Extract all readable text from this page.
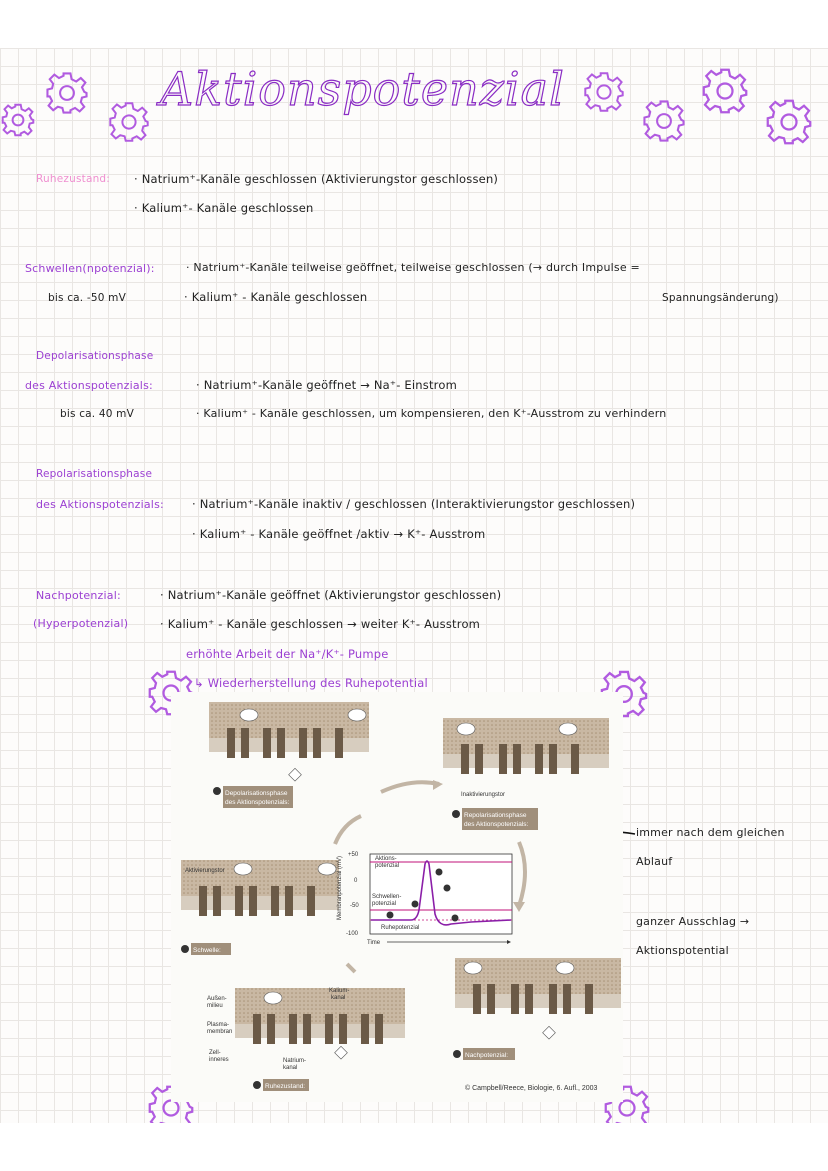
Aktionspotenzial
Ruhezustand: · Natrium⁺-Kanäle geschlossen (Aktivierungstor geschlossen)
· Kalium⁺- Kanäle geschlossen
Schwellen(npotenzial):
bis ca. -50 mV
· Natrium⁺-Kanäle teilweise geöffnet, teilweise geschlossen (→ durch Impulse =
· Kalium⁺ - Kanäle geschlossen	Spannungsänderung)
Depolarisationsphase
des Aktionspotenzials:
bis ca. 40 mV
· Natrium⁺-Kanäle geöffnet → Na⁺- Einstrom
· Kalium⁺ - Kanäle geschlossen, um kompensieren, den K⁺-Ausstrom zu verhindern
Repolarisationsphase
des Aktionspotenzials: · Natrium⁺-Kanäle inaktiv / geschlossen (Interaktivierungstor geschlossen)
· Kalium⁺ - Kanäle geöffnet /aktiv → K⁺- Ausstrom
Nachpotenzial:
(Hyperpotenzial)
· Natrium⁺-Kanäle geöffnet (Aktivierungstor geschlossen)
· Kalium⁺ - Kanäle geschlossen → weiter K⁺- Ausstrom
erhöhte Arbeit der Na⁺/K⁺- Pumpe
↳ Wiederherstellung des Ruhepotential
immer nach dem gleichen
Ablauf
ganzer Ausschlag →
Aktionspotential
Depolarisationsphase
des Aktionspotenzials:
Inaktivierungstor
Repolarisationsphase
des Aktionspotenzials:
Aktivierungstor
Schwelle:
Aktions-
potenzial
Schwellen-
potenzial
Ruhepotenzial
+50
0
-50
-100
Time
Membranpotenzial (mV)
Außen-
milieu
Plasma-
membran
Zell-
inneres	Natrium-
kanal
Kalium-
kanal
Ruhezustand:
Nachpotenzial:
© Campbell/Reece, Biologie, 6. Aufl., 2003
